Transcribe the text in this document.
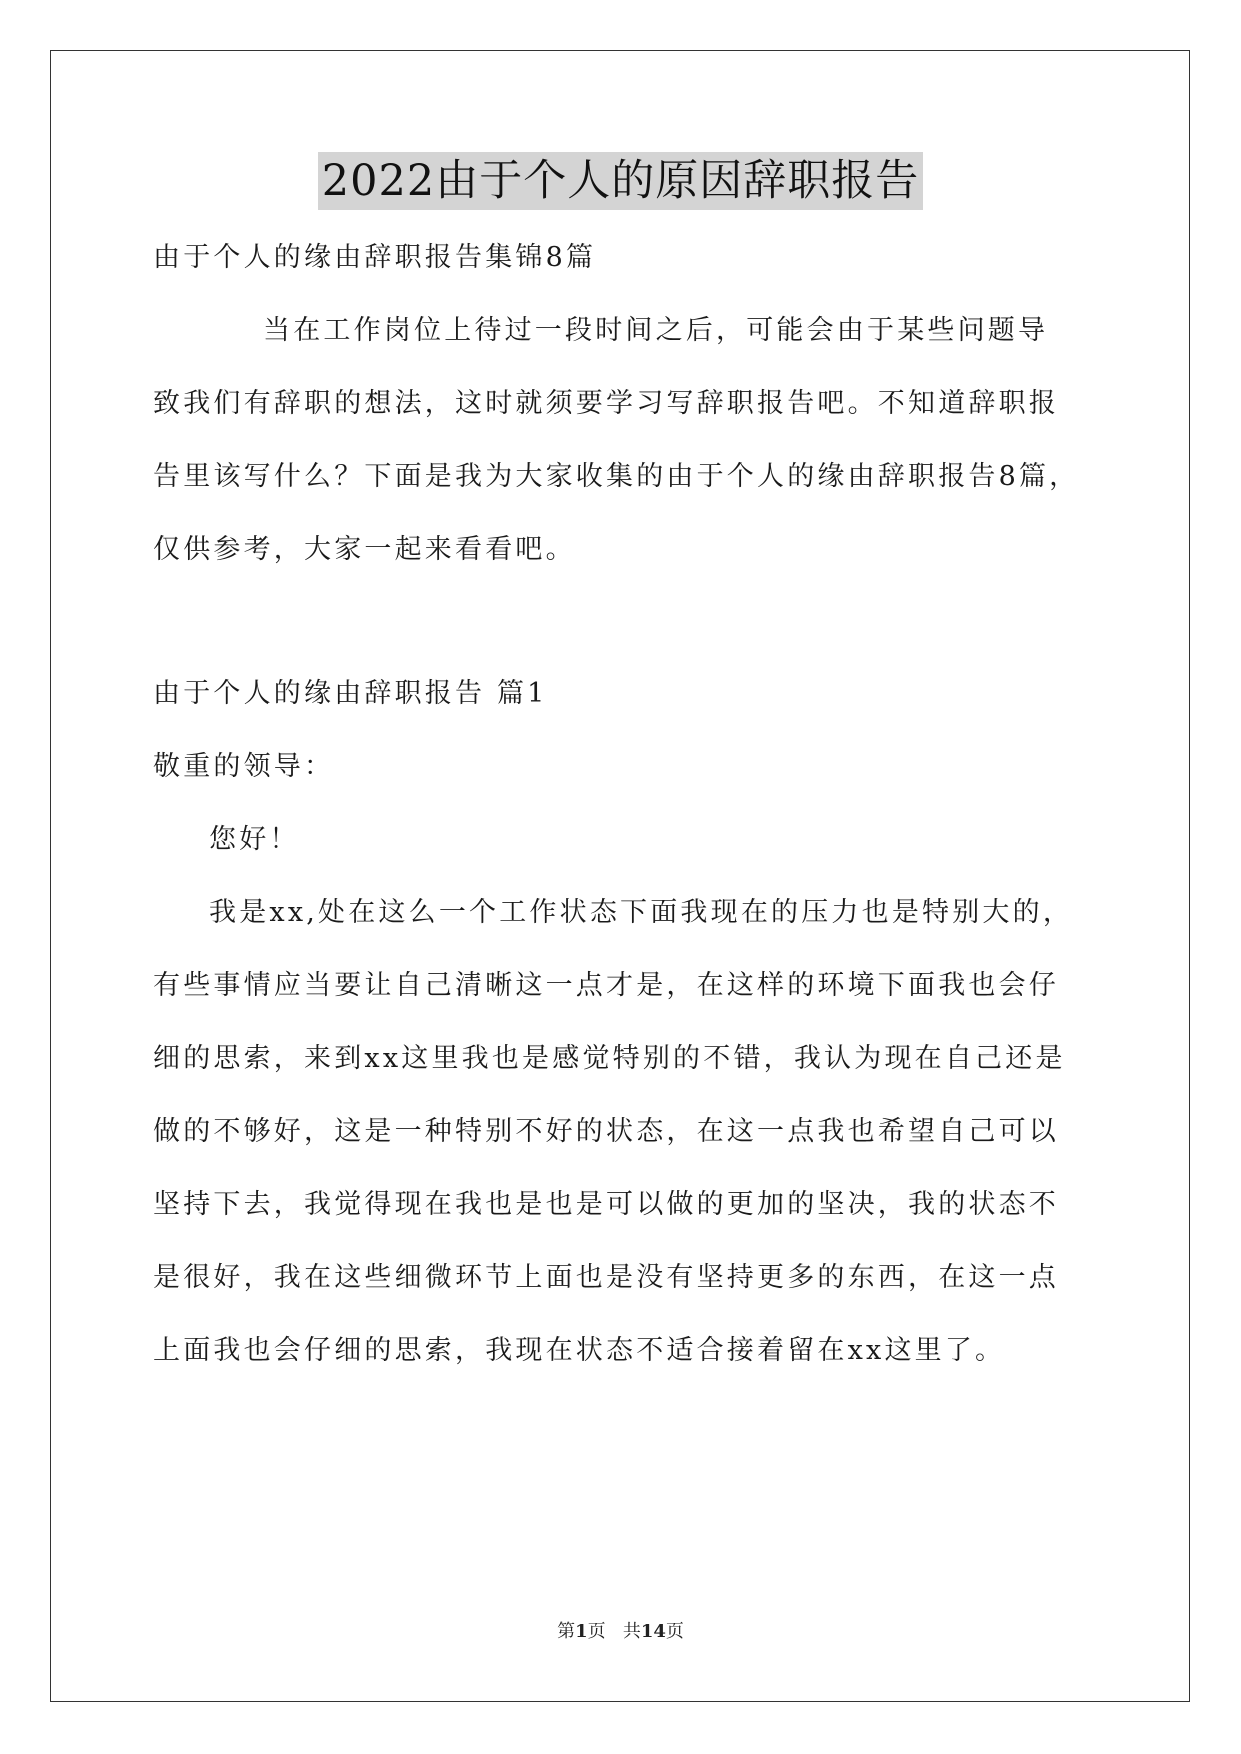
2022由于个人的原因辞职报告
由于个人的缘由辞职报告集锦8篇
当在工作岗位上待过一段时间之后，可能会由于某些问题导
致我们有辞职的想法，这时就须要学习写辞职报告吧。不知道辞职报
告里该写什么？下面是我为大家收集的由于个人的缘由辞职报告8篇，
仅供参考，大家一起来看看吧。
由于个人的缘由辞职报告 篇1
敬重的领导：
您好！
我是xx,处在这么一个工作状态下面我现在的压力也是特别大的，
有些事情应当要让自己清晰这一点才是，在这样的环境下面我也会仔
细的思索，来到xx这里我也是感觉特别的不错，我认为现在自己还是
做的不够好，这是一种特别不好的状态，在这一点我也希望自己可以
坚持下去，我觉得现在我也是也是可以做的更加的坚决，我的状态不
是很好，我在这些细微环节上面也是没有坚持更多的东西，在这一点
上面我也会仔细的思索，我现在状态不适合接着留在xx这里了。
第1页 共14页
